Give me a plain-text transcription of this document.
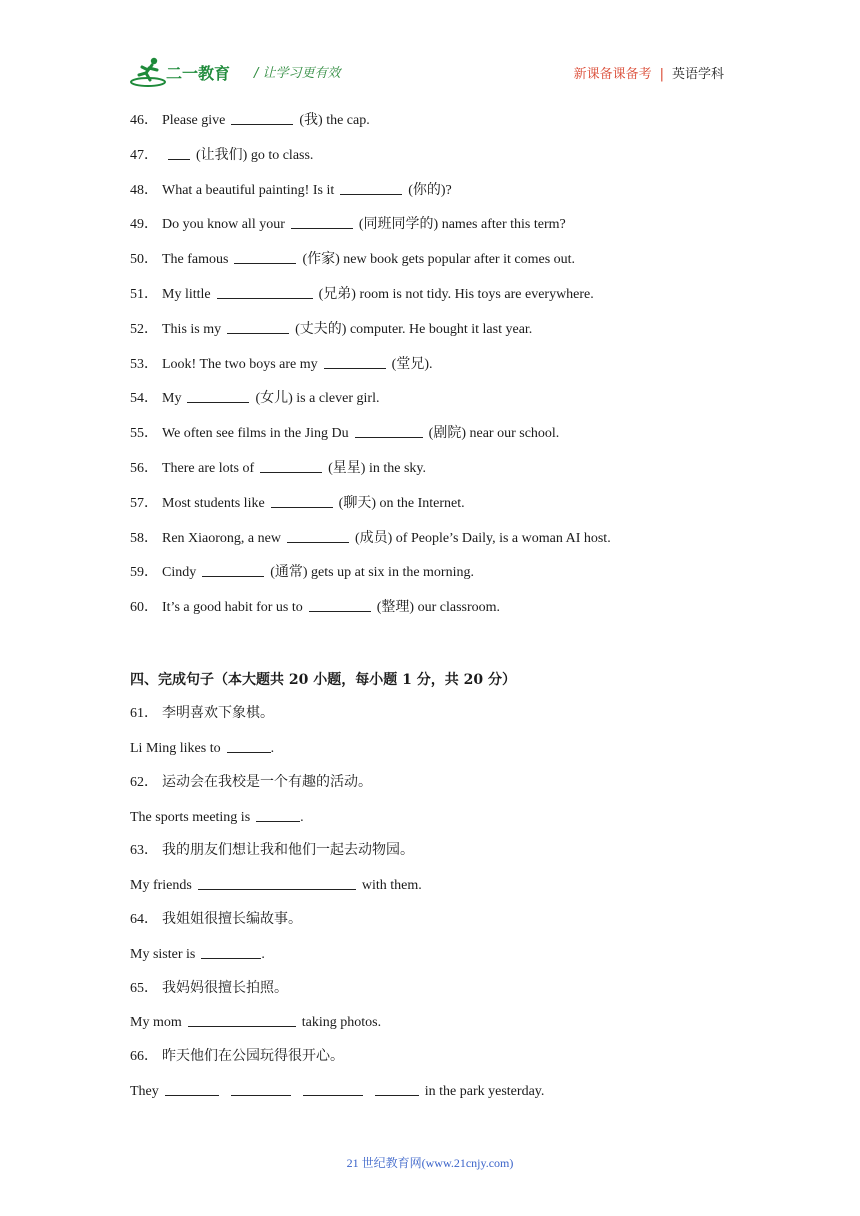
二一教育 / 让学习更有效	新课备课备考 | 英语学科
46． Please give	(我) the cap.
47．	(让我们) go to class.
48． What a beautiful painting! Is it	(你的)?
49． Do you know all your	(同班同学的) names after this term?
50． The famous	(作家) new book gets popular after it comes out.
51． My little	(兄弟) room is not tidy. His toys are everywhere.
52． This is my	(丈夫的) computer. He bought it last year.
53． Look! The two boys are my	(堂兄).
54． My	(女儿) is a clever girl.
55． We often see films in the Jing Du	(剧院) near our school.
56． There are lots of	(星星) in the sky.
57． Most students like	(聊天) on the Internet.
58． Ren Xiaorong, a new	(成员) of People’s Daily, is a woman AI host.
59． Cindy	(通常) gets up at six in the morning.
60． It’s a good habit for us to	(整理) our classroom.
四、完成句子（本大题共 20 小题，每小题 1 分，共 20 分）
61． 李明喜欢下象棋。
Li Ming likes to	.
62． 运动会在我校是一个有趣的活动。
The sports meeting is	.
63． 我的朋友们想让我和他们一起去动物园。
My friends	with them.
64． 我姐姐很擅长编故事。
My sister is	.
65． 我妈妈很擅长拍照。
My mom	taking photos.
66． 昨天他们在公园玩得很开心。
They	in the park yesterday.
21 世纪教育网(www.21cnjy.com)
